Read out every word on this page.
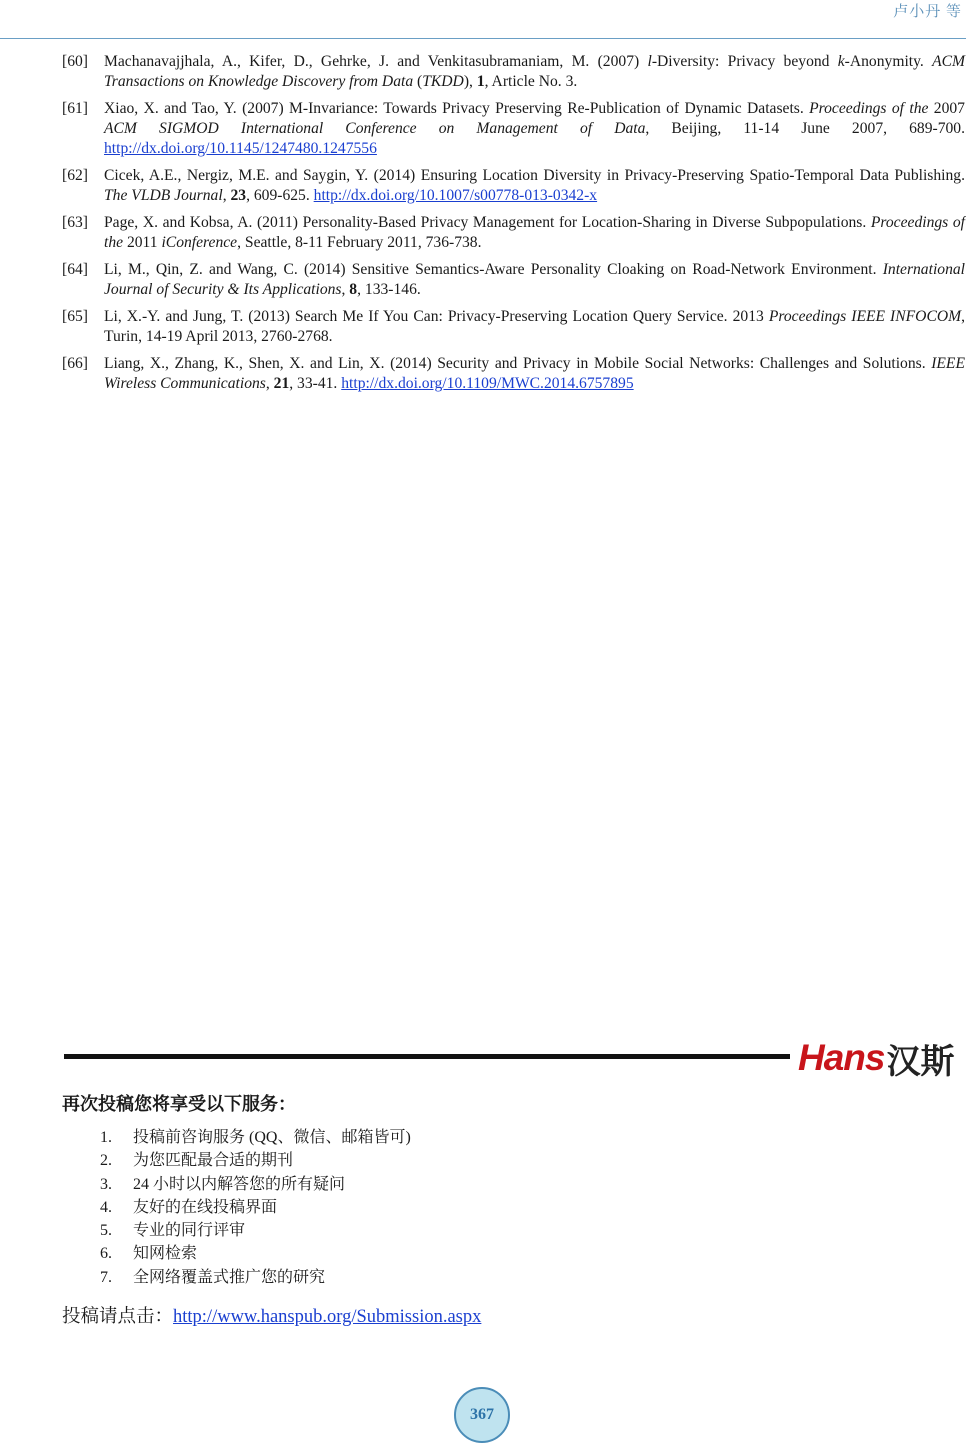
卢小丹 等
[60]	Machanavajjhala, A., Kifer, D., Gehrke, J. and Venkitasubramaniam, M. (2007) l-Diversity: Privacy beyond k-Anonymity. ACM Transactions on Knowledge Discovery from Data (TKDD), 1, Article No. 3.
[61]	Xiao, X. and Tao, Y. (2007) M-Invariance: Towards Privacy Preserving Re-Publication of Dynamic Datasets. Proceedings of the 2007 ACM SIGMOD International Conference on Management of Data, Beijing, 11-14 June 2007, 689-700. http://dx.doi.org/10.1145/1247480.1247556
[62]	Cicek, A.E., Nergiz, M.E. and Saygin, Y. (2014) Ensuring Location Diversity in Privacy-Preserving Spatio-Temporal Data Publishing. The VLDB Journal, 23, 609-625. http://dx.doi.org/10.1007/s00778-013-0342-x
[63]	Page, X. and Kobsa, A. (2011) Personality-Based Privacy Management for Location-Sharing in Diverse Subpopulations. Proceedings of the 2011 iConference, Seattle, 8-11 February 2011, 736-738.
[64]	Li, M., Qin, Z. and Wang, C. (2014) Sensitive Semantics-Aware Personality Cloaking on Road-Network Environment. International Journal of Security & Its Applications, 8, 133-146.
[65]	Li, X.-Y. and Jung, T. (2013) Search Me If You Can: Privacy-Preserving Location Query Service. 2013 Proceedings IEEE INFOCOM, Turin, 14-19 April 2013, 2760-2768.
[66]	Liang, X., Zhang, K., Shen, X. and Lin, X. (2014) Security and Privacy in Mobile Social Networks: Challenges and Solutions. IEEE Wireless Communications, 21, 33-41. http://dx.doi.org/10.1109/MWC.2014.6757895
Hans 汉斯
再次投稿您将享受以下服务：
1.	投稿前咨询服务 (QQ、微信、邮箱皆可)
2.	为您匹配最合适的期刊
3.	24 小时以内解答您的所有疑问
4.	友好的在线投稿界面
5.	专业的同行评审
6.	知网检索
7.	全网络覆盖式推广您的研究
投稿请点击：http://www.hanspub.org/Submission.aspx
367
